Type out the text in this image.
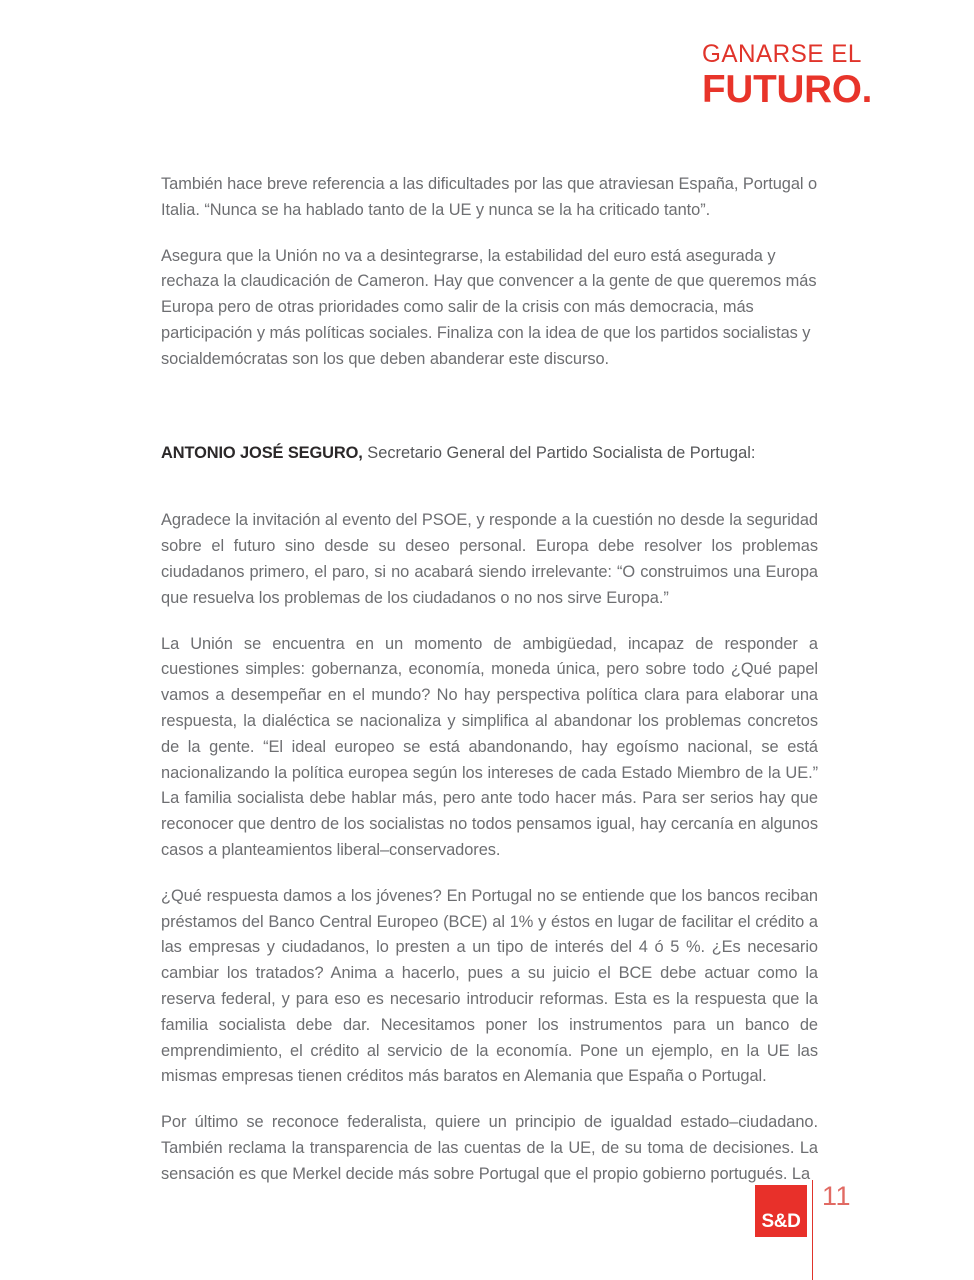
GANARSE EL
FUTURO.

También hace breve referencia a las dificultades por las que atraviesan España, Portugal o Italia. “Nunca se ha hablado tanto de la UE y nunca se la ha criticado tanto”.

Asegura que la Unión no va a desintegrarse, la estabilidad del euro está asegurada y rechaza la claudicación de Cameron. Hay que convencer a la gente de que queremos más Europa pero de otras prioridades como salir de la crisis con más democracia, más participación y más políticas sociales. Finaliza con la idea de que los partidos socialistas y socialdemócratas son los que deben abanderar este discurso.

ANTONIO JOSÉ SEGURO, Secretario General del Partido Socialista de Portugal:

Agradece la invitación al evento del PSOE, y responde a la cuestión no desde la seguridad sobre el futuro sino desde su deseo personal. Europa debe resolver los problemas ciudadanos primero, el paro, si no acabará siendo irrelevante: “O construimos una Europa que resuelva los problemas de los ciudadanos o no nos sirve Europa.”

La Unión se encuentra en un momento de ambigüedad, incapaz de responder a cuestiones simples: gobernanza, economía, moneda única, pero sobre todo ¿Qué papel vamos a desempeñar en el mundo? No hay perspectiva política clara para elaborar una respuesta, la dialéctica se nacionaliza y simplifica al abandonar los problemas concretos de la gente. “El ideal europeo se está abandonando, hay egoísmo nacional, se está nacionalizando la política europea según los intereses de cada Estado Miembro de la UE.” La familia socialista debe hablar más, pero ante todo hacer más. Para ser serios hay que reconocer que dentro de los socialistas no todos pensamos igual, hay cercanía en algunos casos a planteamientos liberal–conservadores.

¿Qué respuesta damos a los jóvenes? En Portugal no se entiende que los bancos reciban préstamos del Banco Central Europeo (BCE) al 1% y éstos en lugar de facilitar el crédito a las empresas y ciudadanos, lo presten a un tipo de interés del 4 ó 5 %. ¿Es necesario cambiar los tratados? Anima a hacerlo, pues a su juicio el BCE debe actuar como la reserva federal, y para eso es necesario introducir reformas. Esta es la respuesta que la familia socialista debe dar. Necesitamos poner los instrumentos para un banco de emprendimiento, el crédito al servicio de la economía. Pone un ejemplo, en la UE las mismas empresas tienen créditos más baratos en Alemania que España o Portugal.

Por último se reconoce federalista, quiere un principio de igualdad estado–ciudadano. También reclama la transparencia de las cuentas de la UE, de su toma de decisiones. La sensación es que Merkel decide más sobre Portugal que el propio gobierno portugués. La

S&D
11
